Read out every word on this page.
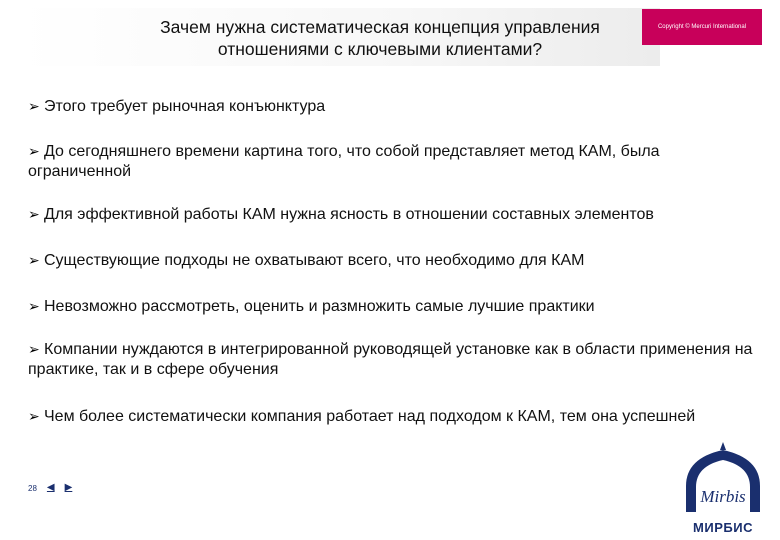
Copyright © Mercuri International
Зачем нужна систематическая концепция управления
отношениями с ключевыми клиентами?
➢ Этого требует рыночная конъюнктура
➢ До сегодняшнего времени картина того, что собой представляет метод КАМ, была ограниченной
➢ Для эффективной работы КАМ нужна ясность в отношении составных элементов
➢ Существующие подходы не охватывают всего, что необходимо для КАМ
➢ Невозможно рассмотреть, оценить и размножить самые лучшие практики
➢ Компании нуждаются в интегрированной руководящей установке как в области применения на практике, так и в сфере обучения
➢ Чем более систематически компания работает над подходом к КАМ, тем она успешней
28 ◀ ▶	Mirbis
МИРБИС
